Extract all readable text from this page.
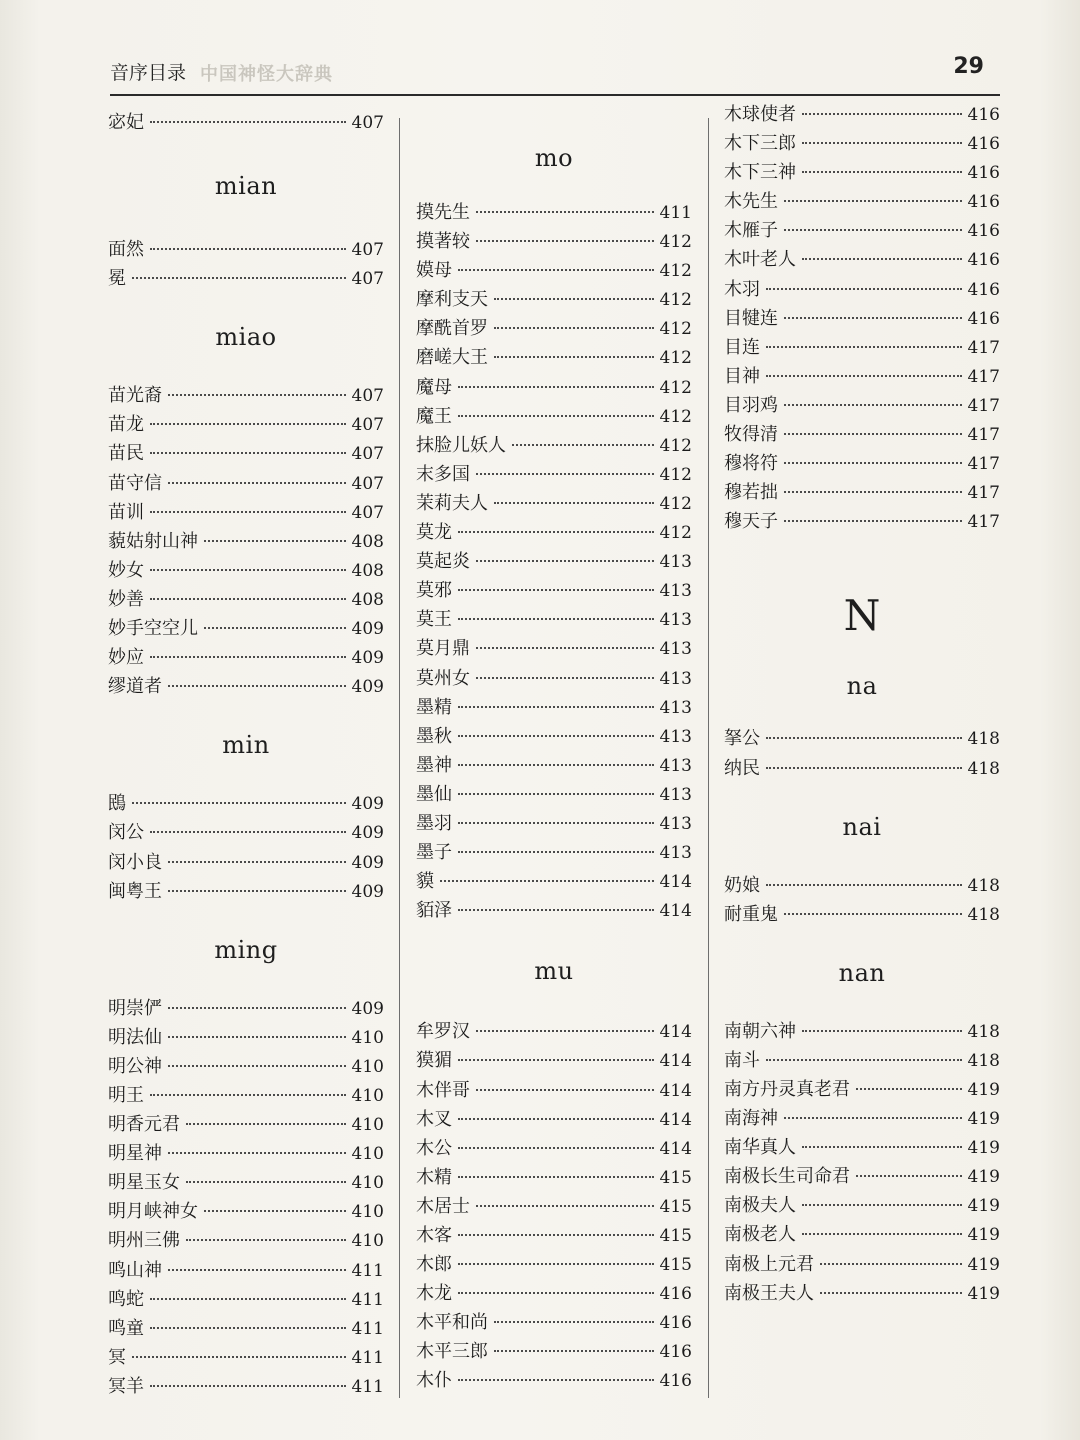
音序目录 中国神怪大辞典	29
宓妃	407
mian
面然	407
冕	407
miao
苗光裔	407
苗龙	407
苗民	407
苗守信	407
苗训	407
藐姑射山神	408
妙女	408
妙善	408
妙手空空儿	409
妙应	409
缪道者	409
min
鴖	409
闵公	409
闵小良	409
闽粤王	409
ming
明崇俨	409
明法仙	410
明公神	410
明王	410
明香元君	410
明星神	410
明星玉女	410
明月峡神女	410
明州三佛	410
鸣山神	411
鸣蛇	411
鸣童	411
冥	411
冥羊	411
mo
摸先生	411
摸著较	412
嫫母	412
摩利支天	412
摩酰首罗	412
磨嵯大王	412
魔母	412
魔王	412
抹脸儿妖人	412
末多国	412
茉莉夫人	412
莫龙	412
莫起炎	413
莫邪	413
莫王	413
莫月鼎	413
莫州女	413
墨精	413
墨秋	413
墨神	413
墨仙	413
墨羽	413
墨子	413
貘	414
貊泽	414
mu
牟罗汉	414
獏猸	414
木伴哥	414
木叉	414
木公	414
木精	415
木居士	415
木客	415
木郎	415
木龙	416
木平和尚	416
木平三郎	416
木仆	416
木球使者	416
木下三郎	416
木下三神	416
木先生	416
木雁子	416
木叶老人	416
木羽	416
目犍连	416
目连	417
目神	417
目羽鸡	417
牧得清	417
穆将符	417
穆若拙	417
穆天子	417
N
na
拏公	418
纳民	418
nai
奶娘	418
耐重鬼	418
nan
南朝六神	418
南斗	418
南方丹灵真老君	419
南海神	419
南华真人	419
南极长生司命君	419
南极夫人	419
南极老人	419
南极上元君	419
南极王夫人	419
